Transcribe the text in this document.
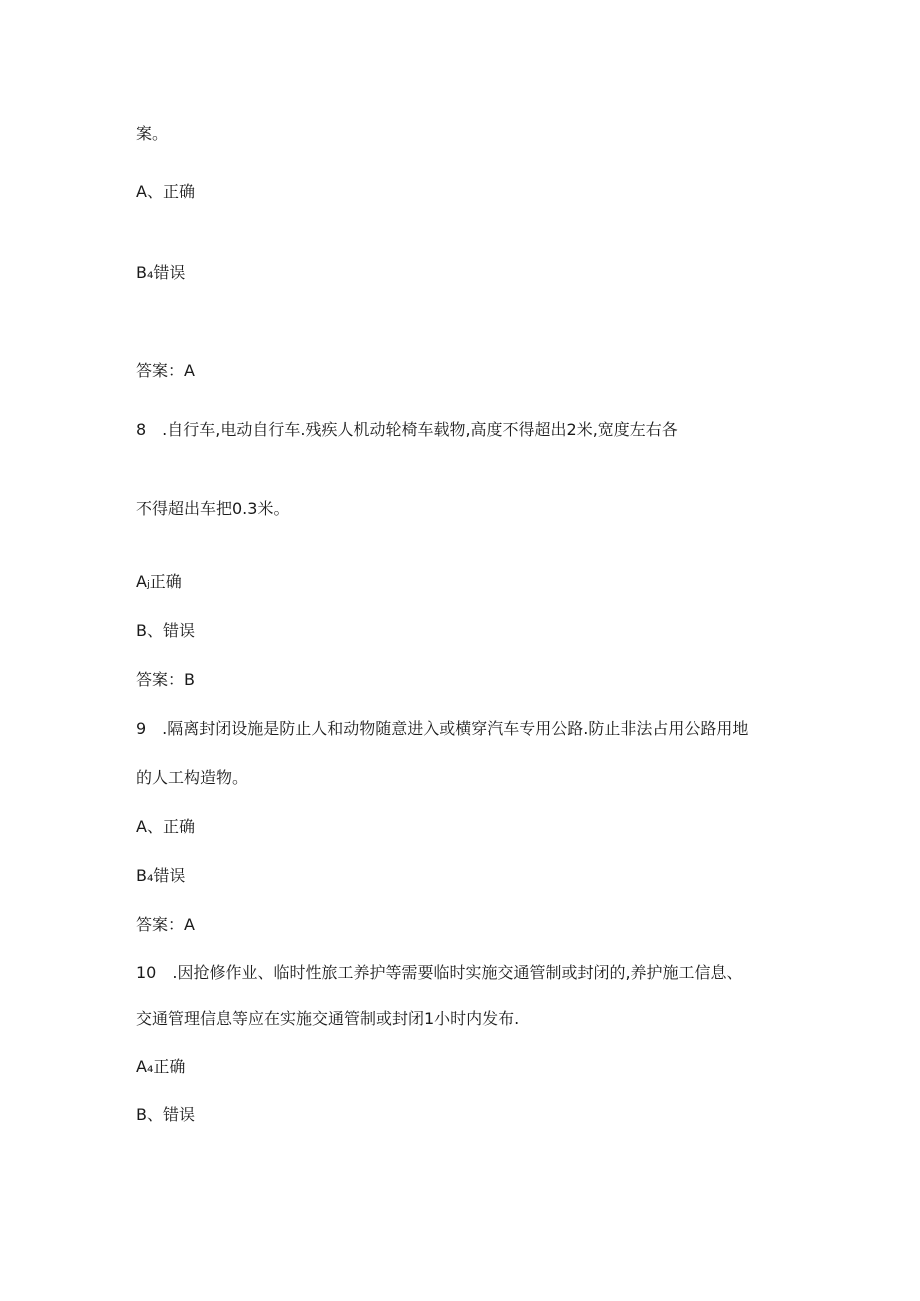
案。
A、正确
B₄错误
答案：A
8　.自行车,电动自行车.残疾人机动轮椅车载物,高度不得超出2米,宽度左右各
不得超出车把0.3米。
Aⱼ正确
B、错误
答案：B
9　.隔离封闭设施是防止人和动物随意进入或横穿汽车专用公路.防止非法占用公路用地
的人工构造物。
A、正确
B₄错误
答案：A
10　.因抢修作业、临时性旅工养护等需要临时实施交通管制或封闭的,养护施工信息、
交通管理信息等应在实施交通管制或封闭1小时内发布.
A₄正确
B、错误
